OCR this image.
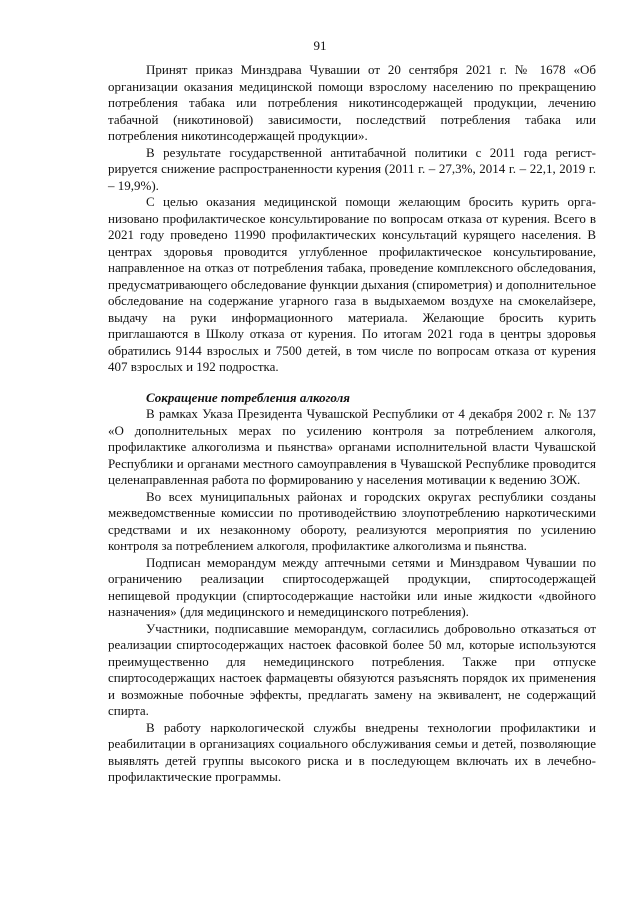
91

Принят приказ Минздрава Чувашии от 20 сентября 2021 г. № 1678 «Об организации оказания медицинской помощи взрослому населению по прекращению потребления табака или потребления никотинсодержащей продукции, лечению табачной (никотиновой) зависимости, последствий потребления табака или потребления никотинсодержащей продукции».

В результате государственной антитабачной политики с 2011 года регистрируется снижение распространенности курения (2011 г. – 27,3%, 2014 г. – 22,1, 2019 г. – 19,9%).

С целью оказания медицинской помощи желающим бросить курить организовано профилактическое консультирование по вопросам отказа от курения. Всего в 2021 году проведено 11990 профилактических консультаций курящего населения. В центрах здоровья проводится углубленное профилактическое консультирование, направленное на отказ от потребления табака, проведение комплексного обследования, предусматривающего обследование функции дыхания (спирометрия) и дополнительное обследование на содержание угарного газа в выдыхаемом воздухе на смокелайзере, выдачу на руки информационного материала. Желающие бросить курить приглашаются в Школу отказа от курения. По итогам 2021 года в центры здоровья обратились 9144 взрослых и 7500 детей, в том числе по вопросам отказа от курения 407 взрослых и 192 подростка.

Сокращение потребления алкоголя

В рамках Указа Президента Чувашской Республики от 4 декабря 2002 г. № 137 «О дополнительных мерах по усилению контроля за потреблением алкоголя, профилактике алкоголизма и пьянства» органами исполнительной власти Чувашской Республики и органами местного самоуправления в Чувашской Республике проводится целенаправленная работа по формированию у населения мотивации к ведению ЗОЖ.

Во всех муниципальных районах и городских округах республики созданы межведомственные комиссии по противодействию злоупотреблению наркотическими средствами и их незаконному обороту, реализуются мероприятия по усилению контроля за потреблением алкоголя, профилактике алкоголизма и пьянства.

Подписан меморандум между аптечными сетями и Минздравом Чувашии по ограничению реализации спиртосодержащей продукции, спиртосодержащей непищевой продукции (спиртосодержащие настойки или иные жидкости «двойного назначения» (для медицинского и немедицинского потребления).

Участники, подписавшие меморандум, согласились добровольно отказаться от реализации спиртосодержащих настоек фасовкой более 50 мл, которые используются преимущественно для немедицинского потребления. Также при отпуске спиртосодержащих настоек фармацевты обязуются разъяснять порядок их применения и возможные побочные эффекты, предлагать замену на эквивалент, не содержащий спирта.

В работу наркологической службы внедрены технологии профилактики и реабилитации в организациях социального обслуживания семьи и детей, позволяющие выявлять детей группы высокого риска и в последующем включать их в лечебно-профилактические программы.
